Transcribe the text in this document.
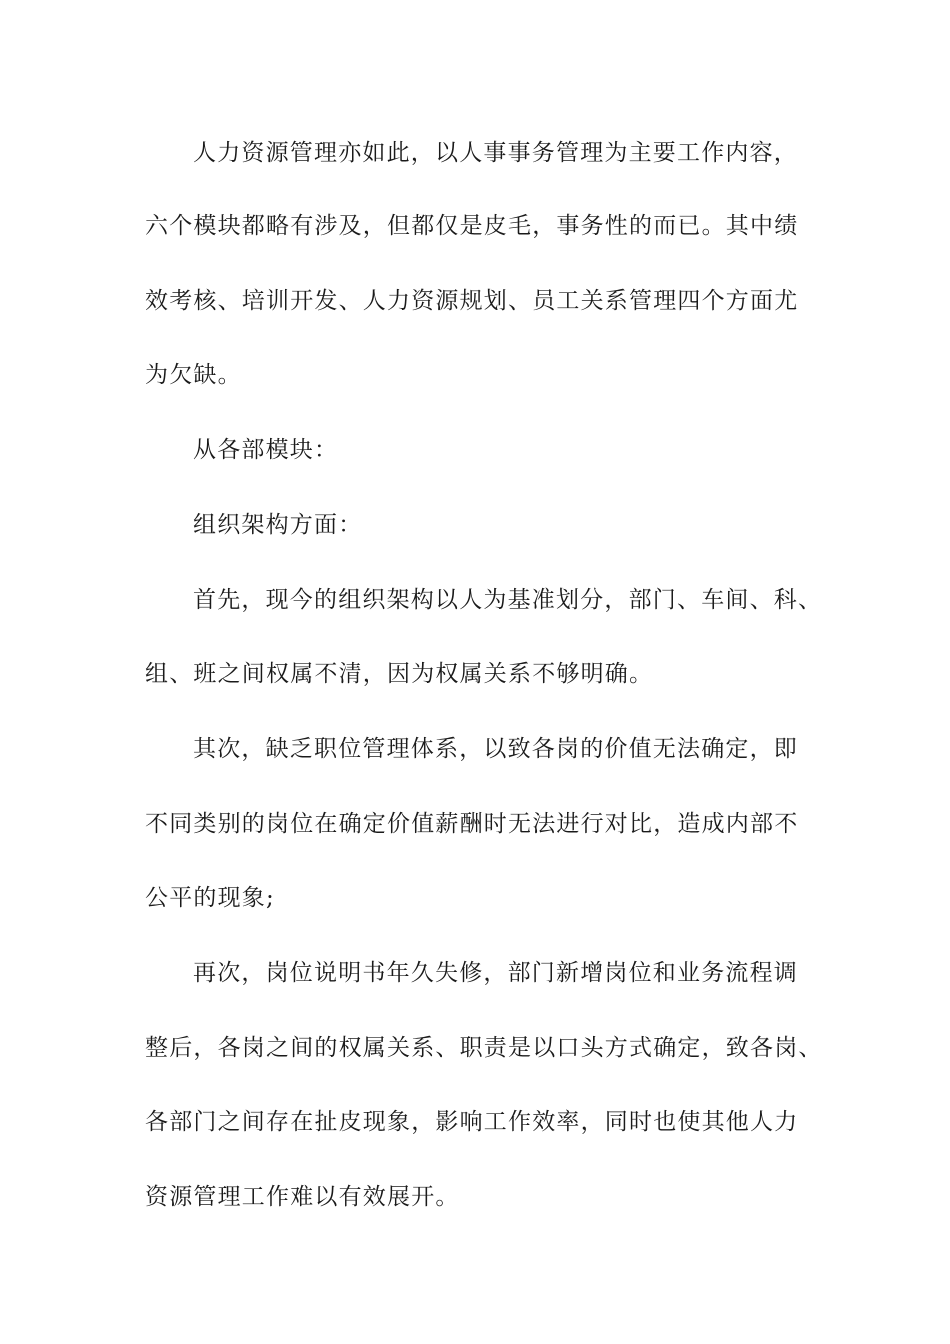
人力资源管理亦如此，以人事事务管理为主要工作内容，
六个模块都略有涉及，但都仅是皮毛，事务性的而已。其中绩
效考核、培训开发、人力资源规划、员工关系管理四个方面尤
为欠缺。
从各部模块：
组织架构方面：
首先，现今的组织架构以人为基准划分，部门、车间、科、
组、班之间权属不清，因为权属关系不够明确。
其次，缺乏职位管理体系，以致各岗的价值无法确定，即
不同类别的岗位在确定价值薪酬时无法进行对比，造成内部不
公平的现象;
再次，岗位说明书年久失修，部门新增岗位和业务流程调
整后，各岗之间的权属关系、职责是以口头方式确定，致各岗、
各部门之间存在扯皮现象，影响工作效率，同时也使其他人力
资源管理工作难以有效展开。
